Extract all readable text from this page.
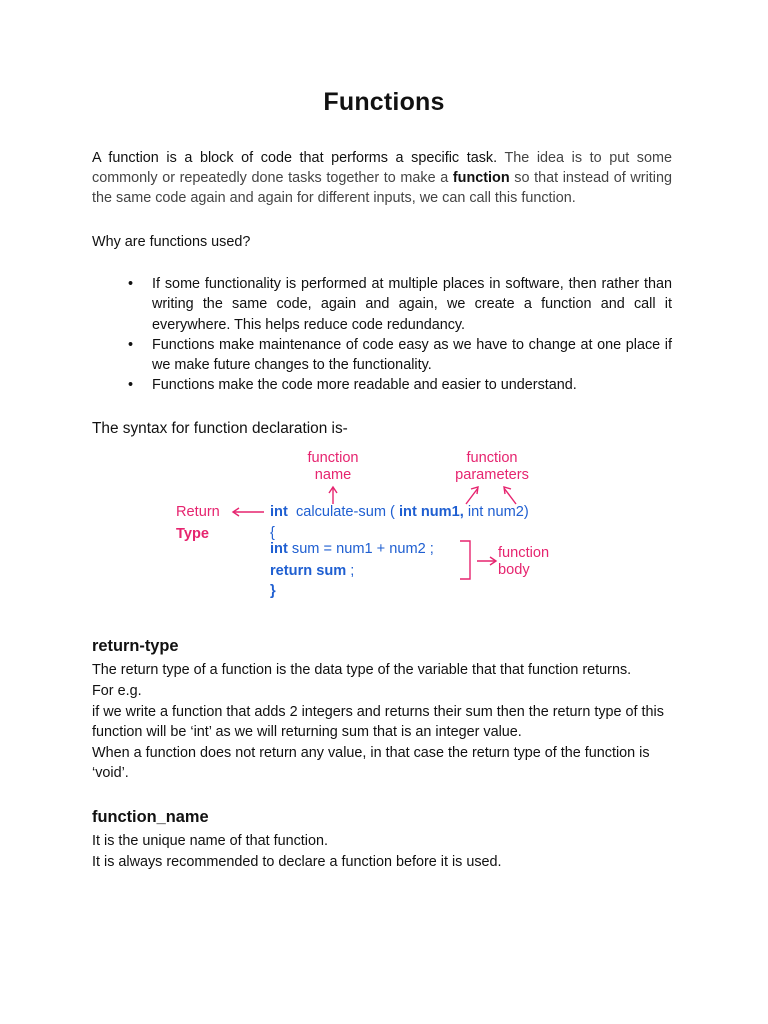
Functions

A function is a block of code that performs a specific task. The idea is to put some commonly or repeatedly done tasks together to make a function so that instead of writing the same code again and again for different inputs, we can call this function.

Why are functions used?

• If some functionality is performed at multiple places in software, then rather than writing the same code, again and again, we create a function and call it everywhere. This helps reduce code redundancy.
• Functions make maintenance of code easy as we have to change at one place if we make future changes to the functionality.
• Functions make the code more readable and easier to understand.
The syntax for function declaration is-
function
name
function
parameters
Return
Type
function
body
int calculate-sum ( int num1, int num2)
{
int sum = num1 + num2 ;
return sum ;
}
return-type

The return type of a function is the data type of the variable that that function returns.

For e.g.

if we write a function that adds 2 integers and returns their sum then the return type of this function will be ‘int’ as we will returning sum that is an integer value.

When a function does not return any value, in that case the return type of the function is ‘void’.

function_name

It is the unique name of that function.

It is always recommended to declare a function before it is used.
